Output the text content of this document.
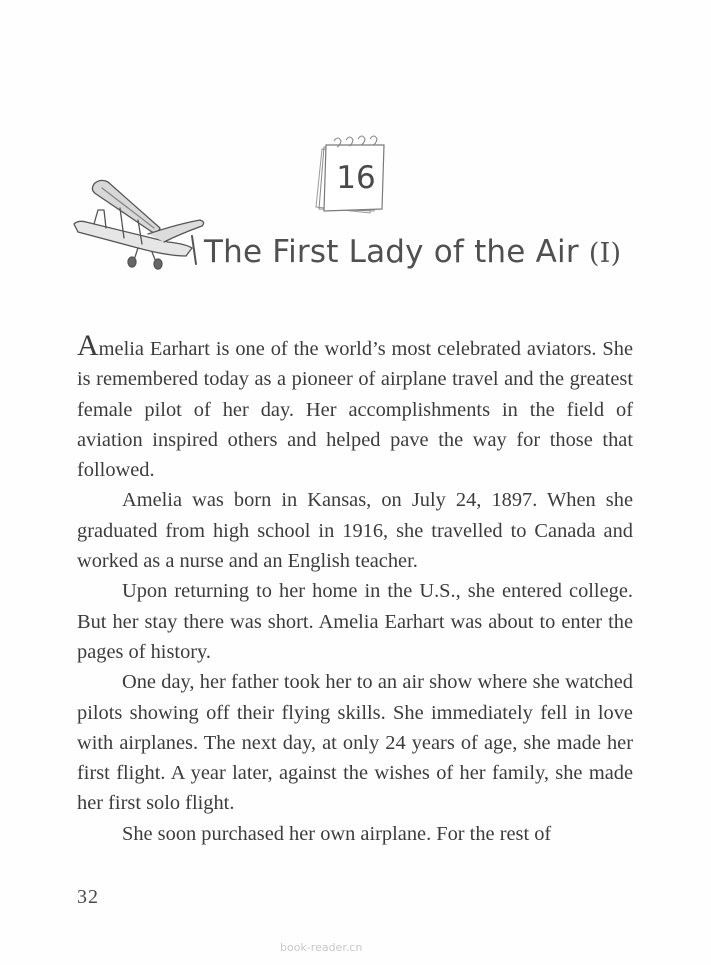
16
The First Lady of the Air (I)

Amelia Earhart is one of the world’s most celebrated aviators. She is remembered today as a pioneer of airplane travel and the greatest female pilot of her day. Her accomplishments in the field of aviation inspired others and helped pave the way for those that followed.

Amelia was born in Kansas, on July 24, 1897. When she graduated from high school in 1916, she travelled to Canada and worked as a nurse and an English teacher.

Upon returning to her home in the U.S., she entered college. But her stay there was short. Amelia Earhart was about to enter the pages of history.

One day, her father took her to an air show where she watched pilots showing off their flying skills. She immediately fell in love with airplanes. The next day, at only 24 years of age, she made her first flight. A year later, against the wishes of her family, she made her first solo flight.

She soon purchased her own airplane. For the rest of

32
book-reader.cn
